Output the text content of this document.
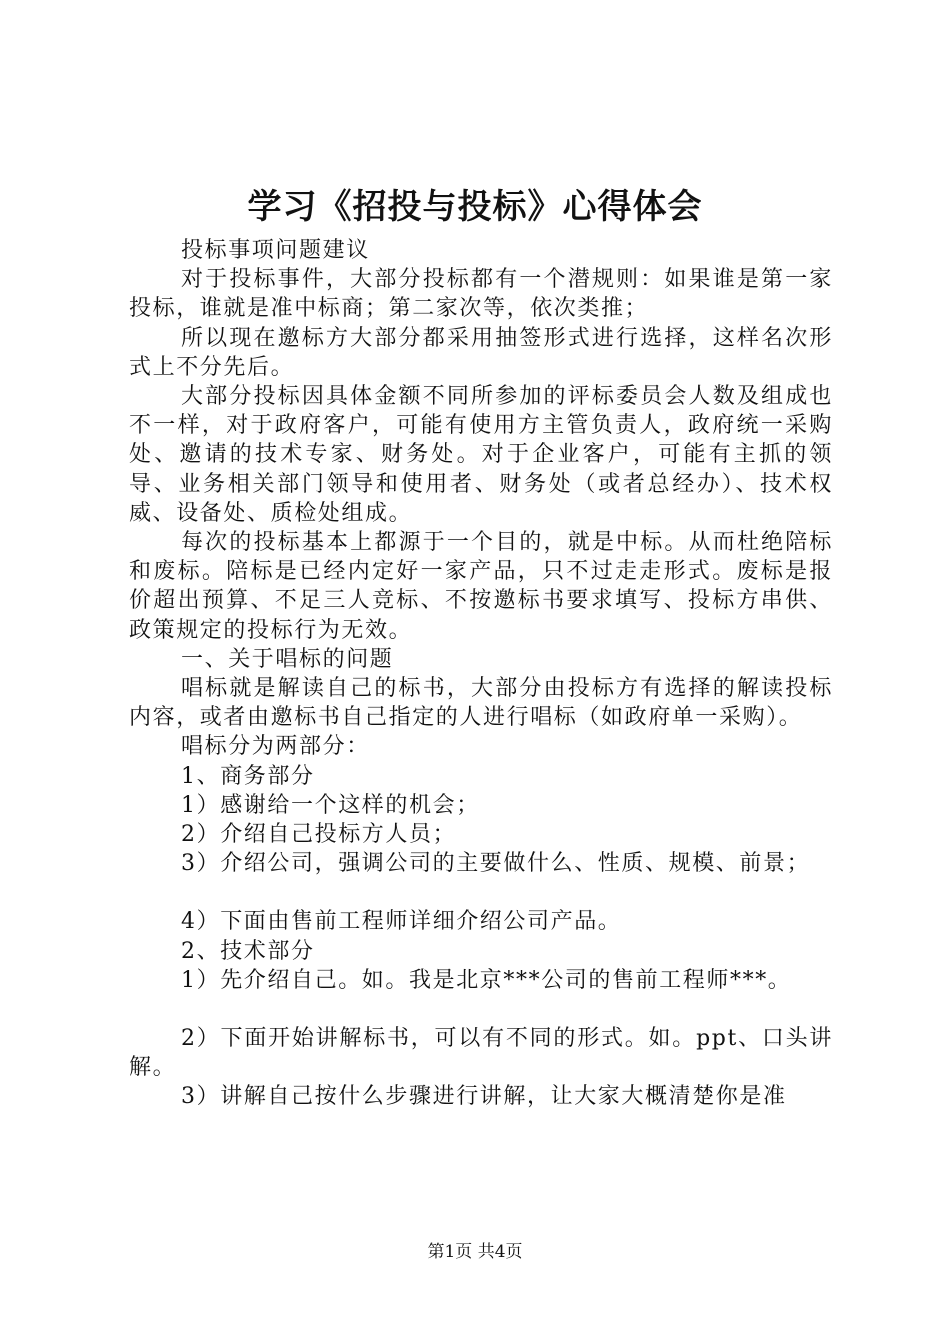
学习《招投与投标》心得体会

投标事项问题建议

对于投标事件，大部分投标都有一个潜规则：如果谁是第一家投标，谁就是准中标商；第二家次等，依次类推；

所以现在邀标方大部分都采用抽签形式进行选择，这样名次形式上不分先后。

大部分投标因具体金额不同所参加的评标委员会人数及组成也不一样，对于政府客户，可能有使用方主管负责人，政府统一采购处、邀请的技术专家、财务处。对于企业客户，可能有主抓的领导、业务相关部门领导和使用者、财务处（或者总经办）、技术权威、设备处、质检处组成。

每次的投标基本上都源于一个目的，就是中标。从而杜绝陪标和废标。陪标是已经内定好一家产品，只不过走走形式。废标是报价超出预算、不足三人竞标、不按邀标书要求填写、投标方串供、政策规定的投标行为无效。

一、关于唱标的问题

唱标就是解读自己的标书，大部分由投标方有选择的解读投标内容，或者由邀标书自己指定的人进行唱标（如政府单一采购）。

唱标分为两部分：

1、商务部分

1）感谢给一个这样的机会；

2）介绍自己投标方人员；

3）介绍公司，强调公司的主要做什么、性质、规模、前景；

4）下面由售前工程师详细介绍公司产品。

2、技术部分

1）先介绍自己。如。我是北京***公司的售前工程师***。

2）下面开始讲解标书，可以有不同的形式。如。ppt、口头讲解。

3）讲解自己按什么步骤进行讲解，让大家大概清楚你是准

第1页 共4页
